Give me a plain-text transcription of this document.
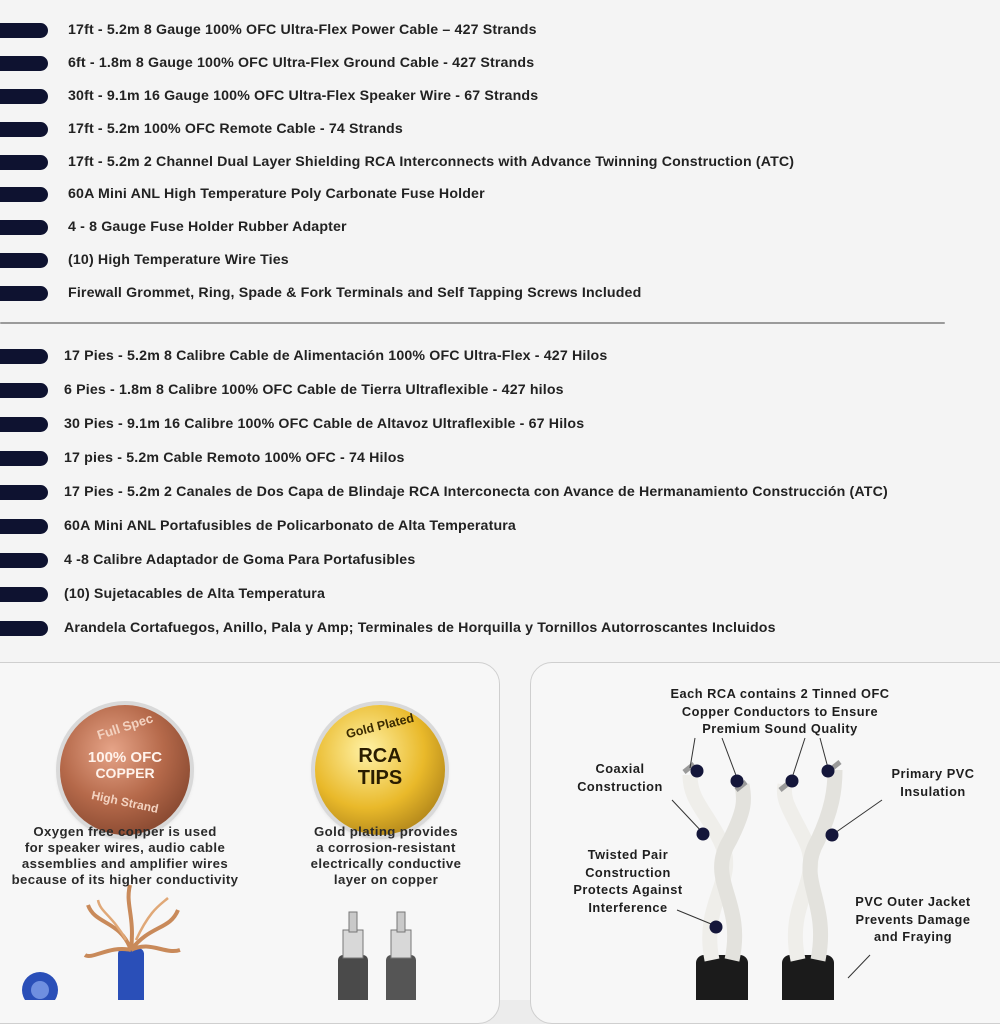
17ft - 5.2m 8 Gauge 100% OFC Ultra-Flex Power Cable – 427 Strands
6ft - 1.8m 8 Gauge 100% OFC Ultra-Flex Ground Cable - 427 Strands
30ft - 9.1m 16 Gauge 100% OFC Ultra-Flex Speaker Wire - 67 Strands
17ft - 5.2m 100% OFC Remote Cable - 74 Strands
17ft - 5.2m 2 Channel Dual Layer Shielding RCA Interconnects with Advance Twinning Construction (ATC)
60A Mini ANL High Temperature Poly Carbonate Fuse Holder
4 - 8 Gauge Fuse Holder Rubber Adapter
(10) High Temperature Wire Ties
Firewall Grommet, Ring, Spade & Fork Terminals and Self Tapping Screws Included
17 Pies - 5.2m 8 Calibre Cable de Alimentación 100% OFC Ultra-Flex - 427 Hilos
6 Pies - 1.8m 8 Calibre 100% OFC Cable de Tierra Ultraflexible - 427 hilos
30 Pies - 9.1m 16 Calibre 100% OFC Cable de Altavoz Ultraflexible - 67 Hilos
17 pies - 5.2m Cable Remoto 100% OFC - 74 Hilos
17 Pies - 5.2m 2 Canales de Dos Capa de Blindaje RCA Interconecta con Avance de Hermanamiento Construcción (ATC)
60A Mini ANL Portafusibles de Policarbonato de Alta Temperatura
4 -8 Calibre Adaptador de Goma Para Portafusibles
(10) Sujetacables de Alta Temperatura
Arandela Cortafuegos, Anillo, Pala y Amp; Terminales de Horquilla y Tornillos Autorroscantes Incluidos
Full Spec
100% OFC
COPPER
High Strand
Gold Plated
RCA
TIPS
Oxygen free copper is used
for speaker wires, audio cable
assemblies and amplifier wires
because of its higher conductivity
Gold plating provides
a corrosion-resistant
electrically conductive
layer on copper
Each RCA contains 2 Tinned OFC
Copper Conductors to Ensure
Premium Sound Quality
Coaxial
Construction
Primary PVC
Insulation
Twisted Pair
Construction
Protects Against
Interference	PVC Outer Jacket
Prevents Damage
and Fraying
